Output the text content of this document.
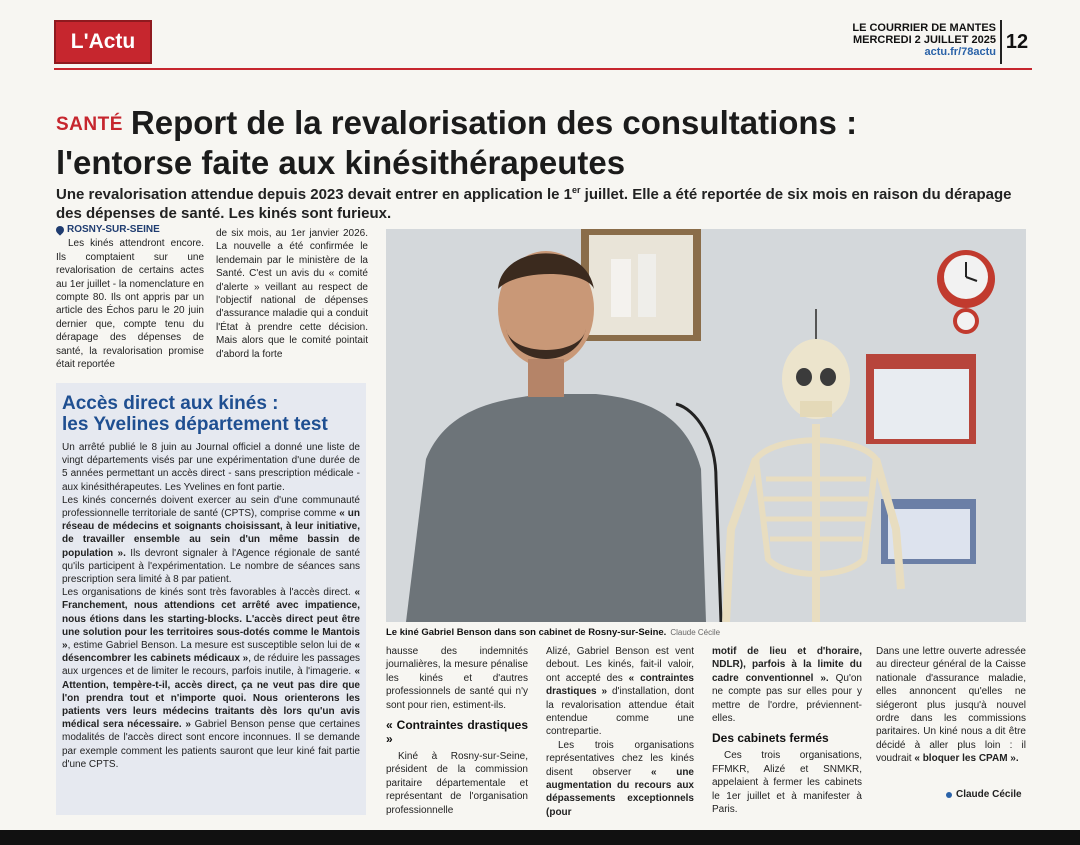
L'Actu
LE COURRIER DE MANTES
MERCREDI 2 JUILLET 2025
actu.fr/78actu 12
SANTÉ Report de la revalorisation des consultations :
l'entorse faite aux kinésithérapeutes

Une revalorisation attendue depuis 2023 devait entrer en application le 1er juillet. Elle a été reportée de six mois en raison du dérapage des dépenses de santé. Les kinés sont furieux.

ROSNY-SUR-SEINE

Les kinés attendront encore. Ils comptaient sur une revalorisation de certains actes au 1er juillet - la nomenclature en compte 80. Ils ont appris par un article des Échos paru le 20 juin dernier que, compte tenu du dérapage des dépenses de santé, la revalorisation promise était reportée

de six mois, au 1er janvier 2026. La nouvelle a été confirmée le lendemain par le ministère de la Santé. C'est un avis du « comité d'alerte » veillant au respect de l'objectif national de dépenses d'assurance maladie qui a conduit l'État à prendre cette décision. Mais alors que le comité pointait d'abord la forte

Accès direct aux kinés :
les Yvelines département test

Un arrêté publié le 8 juin au Journal officiel a donné une liste de vingt départements visés par une expérimentation d'une durée de 5 années permettant un accès direct - sans prescription médicale - aux kinésithérapeutes. Les Yvelines en font partie.

Les kinés concernés doivent exercer au sein d'une communauté professionnelle territoriale de santé (CPTS), comprise comme « un réseau de médecins et soignants choisissant, à leur initiative, de travailler ensemble au sein d'un même bassin de population ». Ils devront signaler à l'Agence régionale de santé qu'ils participent à l'expérimentation. Le nombre de séances sans prescription sera limité à 8 par patient.

Les organisations de kinés sont très favorables à l'accès direct. « Franchement, nous attendions cet arrêté avec impatience, nous étions dans les starting-blocks. L'accès direct peut être une solution pour les territoires sous-dotés comme le Mantois », estime Gabriel Benson. La mesure est susceptible selon lui de « désencombrer les cabinets médicaux », de réduire les passages aux urgences et de limiter le recours, parfois inutile, à l'imagerie. « Attention, tempère-t-il, accès direct, ça ne veut pas dire que l'on prendra tout et n'importe quoi. Nous orienterons les patients vers leurs médecins traitants dès lors qu'un avis médical sera nécessaire. » Gabriel Benson pense que certaines modalités de l'accès direct sont encore inconnues. Il se demande par exemple comment les patients sauront que leur kiné fait partie d'une CPTS.

Le kiné Gabriel Benson dans son cabinet de Rosny-sur-Seine. Claude Cécile

hausse des indemnités journalières, la mesure pénalise les kinés et d'autres professionnels de santé qui n'y sont pour rien, estiment-ils.

« Contraintes drastiques »

Kiné à Rosny-sur-Seine, président de la commission paritaire départementale et représentant de l'organisation professionnelle

Alizé, Gabriel Benson est vent debout. Les kinés, fait-il valoir, ont accepté des « contraintes drastiques » d'installation, dont la revalorisation attendue était entendue comme une contrepartie.

Les trois organisations représentatives chez les kinés disent observer « une augmentation du recours aux dépassements exceptionnels (pour

motif de lieu et d'horaire, NDLR), parfois à la limite du cadre conventionnel ». Qu'on ne compte pas sur elles pour y mettre de l'ordre, préviennent-elles.

Des cabinets fermés

Ces trois organisations, FFMKR, Alizé et SNMKR, appelaient à fermer les cabinets le 1er juillet et à manifester à Paris.

Dans une lettre ouverte adressée au directeur général de la Caisse nationale d'assurance maladie, elles annoncent qu'elles ne siégeront plus jusqu'à nouvel ordre dans les commissions paritaires. Un kiné nous a dit être décidé à aller plus loin : il voudrait « bloquer les CPAM ».

Claude Cécile
